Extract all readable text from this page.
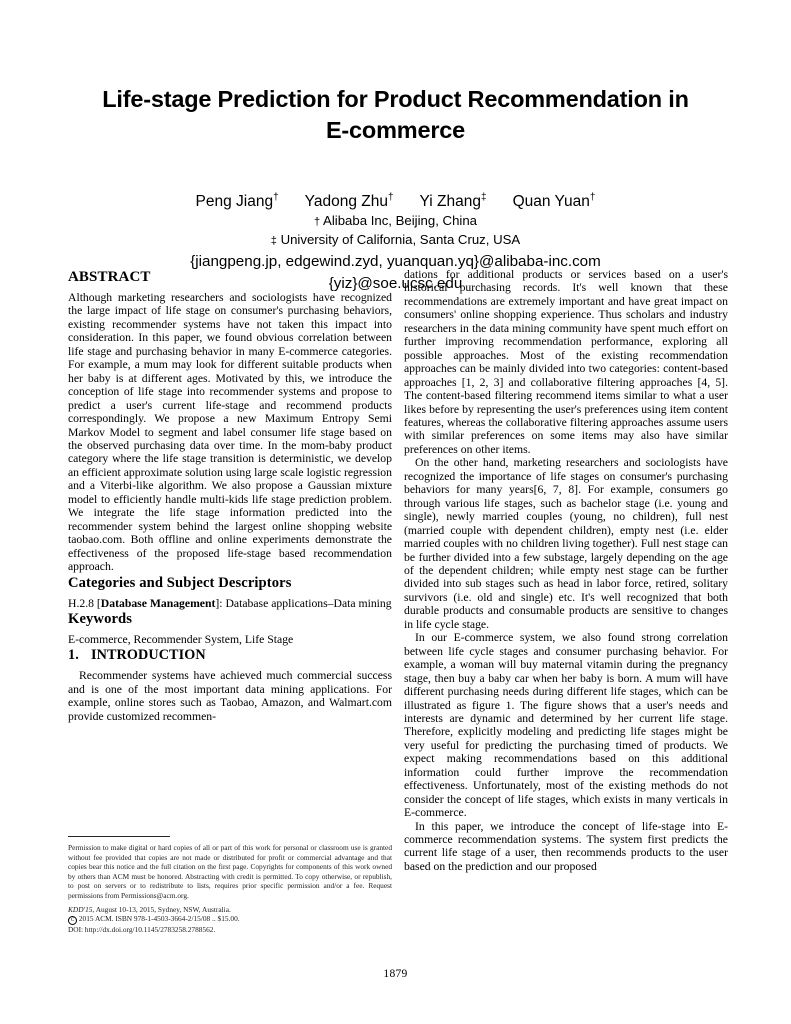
Life-stage Prediction for Product Recommendation in E-commerce
Peng Jiang† Yadong Zhu† Yi Zhang‡ Quan Yuan†
† Alibaba Inc, Beijing, China
‡ University of California, Santa Cruz, USA
{jiangpeng.jp, edgewind.zyd, yuanquan.yq}@alibaba-inc.com
{yiz}@soe.ucsc.edu
ABSTRACT

Although marketing researchers and sociologists have recognized the large impact of life stage on consumer's purchasing behaviors, existing recommender systems have not taken this impact into consideration. In this paper, we found obvious correlation between life stage and purchasing behavior in many E-commerce categories. For example, a mum may look for different suitable products when her baby is at different ages. Motivated by this, we introduce the conception of life stage into recommender systems and propose to predict a user's current life-stage and recommend products correspondingly. We propose a new Maximum Entropy Semi Markov Model to segment and label consumer life stage based on the observed purchasing data over time. In the mom-baby product category where the life stage transition is deterministic, we develop an efficient approximate solution using large scale logistic regression and a Viterbi-like algorithm. We also propose a Gaussian mixture model to efficiently handle multi-kids life stage prediction problem. We integrate the life stage information predicted into the recommender system behind the largest online shopping website taobao.com. Both offline and online experiments demonstrate the effectiveness of the proposed life-stage based recommendation approach.

Categories and Subject Descriptors

H.2.8 [Database Management]: Database applications–Data mining

Keywords

E-commerce, Recommender System, Life Stage

1. INTRODUCTION

Recommender systems have achieved much commercial success and is one of the most important data mining applications. For example, online stores such as Taobao, Amazon, and Walmart.com provide customized recommen-

Permission to make digital or hard copies of all or part of this work for personal or classroom use is granted without fee provided that copies are not made or distributed for profit or commercial advantage and that copies bear this notice and the full citation on the first page. Copyrights for components of this work owned by others than ACM must be honored. Abstracting with credit is permitted. To copy otherwise, or republish, to post on servers or to redistribute to lists, requires prior specific permission and/or a fee. Request permissions from Permissions@acm.org.

KDD'15, August 10-13, 2015, Sydney, NSW, Australia.

C 2015 ACM. ISBN 978-1-4503-3664-2/15/08 .. $15.00.

DOI: http://dx.doi.org/10.1145/2783258.2788562.

dations for additional products or services based on a user's historical purchasing records. It's well known that these recommendations are extremely important and have great impact on consumers' online shopping experience. Thus scholars and industry researchers in the data mining community have spent much effort on further improving recommendation performance, exploring all possible approaches. Most of the existing recommendation approaches can be mainly divided into two categories: content-based approaches [1, 2, 3] and collaborative filtering approaches [4, 5]. The content-based filtering recommend items similar to what a user likes before by representing the user's preferences using item content features, whereas the collaborative filtering approaches assume users with similar preferences on some items may also have similar preferences on other items.

On the other hand, marketing researchers and sociologists have recognized the importance of life stages on consumer's purchasing behaviors for many years[6, 7, 8]. For example, consumers go through various life stages, such as bachelor stage (i.e. young and single), newly married couples (young, no children), full nest (married couple with dependent children), empty nest (i.e. elder married couples with no children living together). Full nest stage can be further divided into a few substage, largely depending on the age of the dependent children; while empty nest stage can be further divided into sub stages such as head in labor force, retired, solitary survivors (i.e. old and single) etc. It's well recognized that both durable products and consumable products are sensitive to changes in life cycle stage.

In our E-commerce system, we also found strong correlation between life cycle stages and consumer purchasing behavior. For example, a woman will buy maternal vitamin during the pregnancy stage, then buy a baby car when her baby is born. A mum will have different purchasing needs during different life stages, which can be illustrated as figure 1. The figure shows that a user's needs and interests are dynamic and determined by her current life stage. Therefore, explicitly modeling and predicting life stages might be very useful for predicting the purchasing timed of products. We expect making recommendations based on this additional information could further improve the recommendation effectiveness. Unfortunately, most of the existing methods do not consider the concept of life stages, which exists in many verticals in E-commerce.

In this paper, we introduce the concept of life-stage into E-commerce recommendation systems. The system first predicts the current life stage of a user, then recommends products to the user based on the prediction and our proposed

1879
